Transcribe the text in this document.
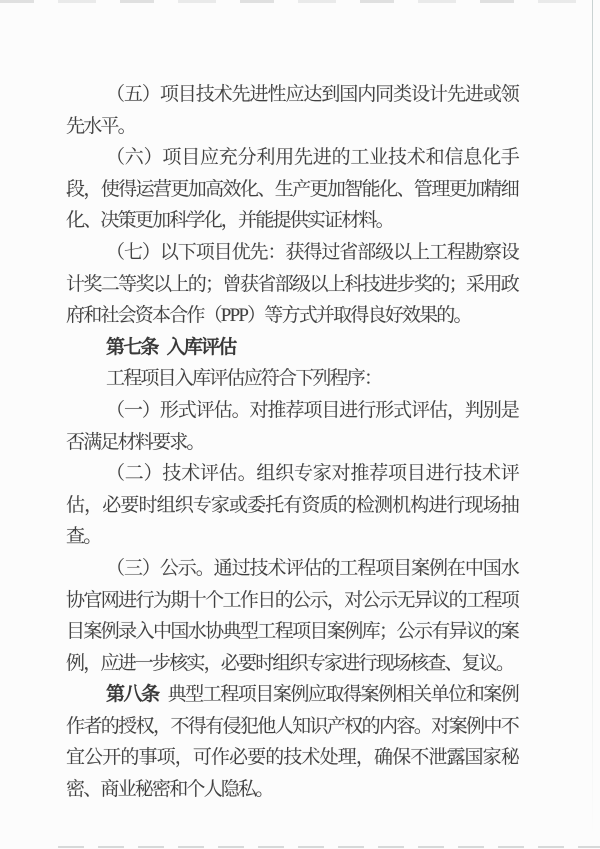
（五）项目技术先进性应达到国内同类设计先进或领先水平。

（六）项目应充分利用先进的工业技术和信息化手段，使得运营更加高效化、生产更加智能化、管理更加精细化、决策更加科学化，并能提供实证材料。

（七）以下项目优先：获得过省部级以上工程勘察设计奖二等奖以上的；曾获省部级以上科技进步奖的；采用政府和社会资本合作（PPP）等方式并取得良好效果的。

第七条 入库评估

工程项目入库评估应符合下列程序：

（一）形式评估。对推荐项目进行形式评估，判别是否满足材料要求。

（二）技术评估。组织专家对推荐项目进行技术评估，必要时组织专家或委托有资质的检测机构进行现场抽查。

（三）公示。通过技术评估的工程项目案例在中国水协官网进行为期十个工作日的公示，对公示无异议的工程项目案例录入中国水协典型工程项目案例库；公示有异议的案例，应进一步核实，必要时组织专家进行现场核查、复议。

第八条 典型工程项目案例应取得案例相关单位和案例作者的授权，不得有侵犯他人知识产权的内容。对案例中不宜公开的事项，可作必要的技术处理，确保不泄露国家秘密、商业秘密和个人隐私。
